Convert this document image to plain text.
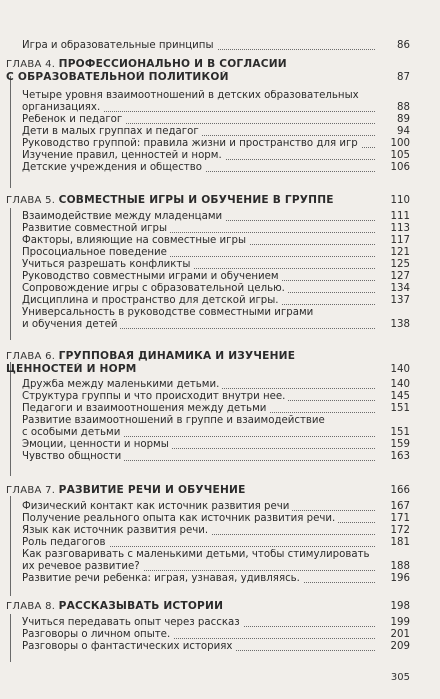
Игра и образовательные принципы	86
ГЛАВА 4. ПРОФЕССИОНАЛЬНО И В СОГЛАСИИ
С ОБРАЗОВАТЕЛЬНОЙ ПОЛИТИКОЙ	87
Четыре уровня взаимоотношений в детских образовательных
организациях.	88
Ребенок и педагог	89
Дети в малых группах и педагог	94
Руководство группой: правила жизни и пространство для игр	100
Изучение правил, ценностей и норм.	105
Детские учреждения и общество	106
ГЛАВА 5. СОВМЕСТНЫЕ ИГРЫ И ОБУЧЕНИЕ В ГРУППЕ	110
Взаимодействие между младенцами	111
Развитие совместной игры	113
Факторы, влияющие на совместные игры	117
Просоциальное поведение	121
Учиться разрешать конфликты	125
Руководство совместными играми и обучением	127
Сопровождение игры с образовательной целью.	134
Дисциплина и пространство для детской игры.	137
Универсальность в руководстве совместными играми
и обучения детей	138
ГЛАВА 6. ГРУППОВАЯ ДИНАМИКА И ИЗУЧЕНИЕ
ЦЕННОСТЕЙ И НОРМ	140
Дружба между маленькими детьми.	140
Структура группы и что происходит внутри нее.	145
Педагоги и взаимоотношения между детьми	151
Развитие взаимоотношений в группе и взаимодействие
с особыми детьми	151
Эмоции, ценности и нормы	159
Чувство общности	163
ГЛАВА 7. РАЗВИТИЕ РЕЧИ И ОБУЧЕНИЕ	166
Физический контакт как источник развития речи	167
Получение реального опыта как источник развития речи.	171
Язык как источник развития речи.	172
Роль педагогов	181
Как разговаривать с маленькими детьми, чтобы стимулировать
их речевое развитие?	188
Развитие речи ребенка: играя, узнавая, удивляясь.	196
ГЛАВА 8. РАССКАЗЫВАТЬ ИСТОРИИ	198
Учиться передавать опыт через рассказ	199
Разговоры о личном опыте.	201
Разговоры о фантастических историях	209
305
